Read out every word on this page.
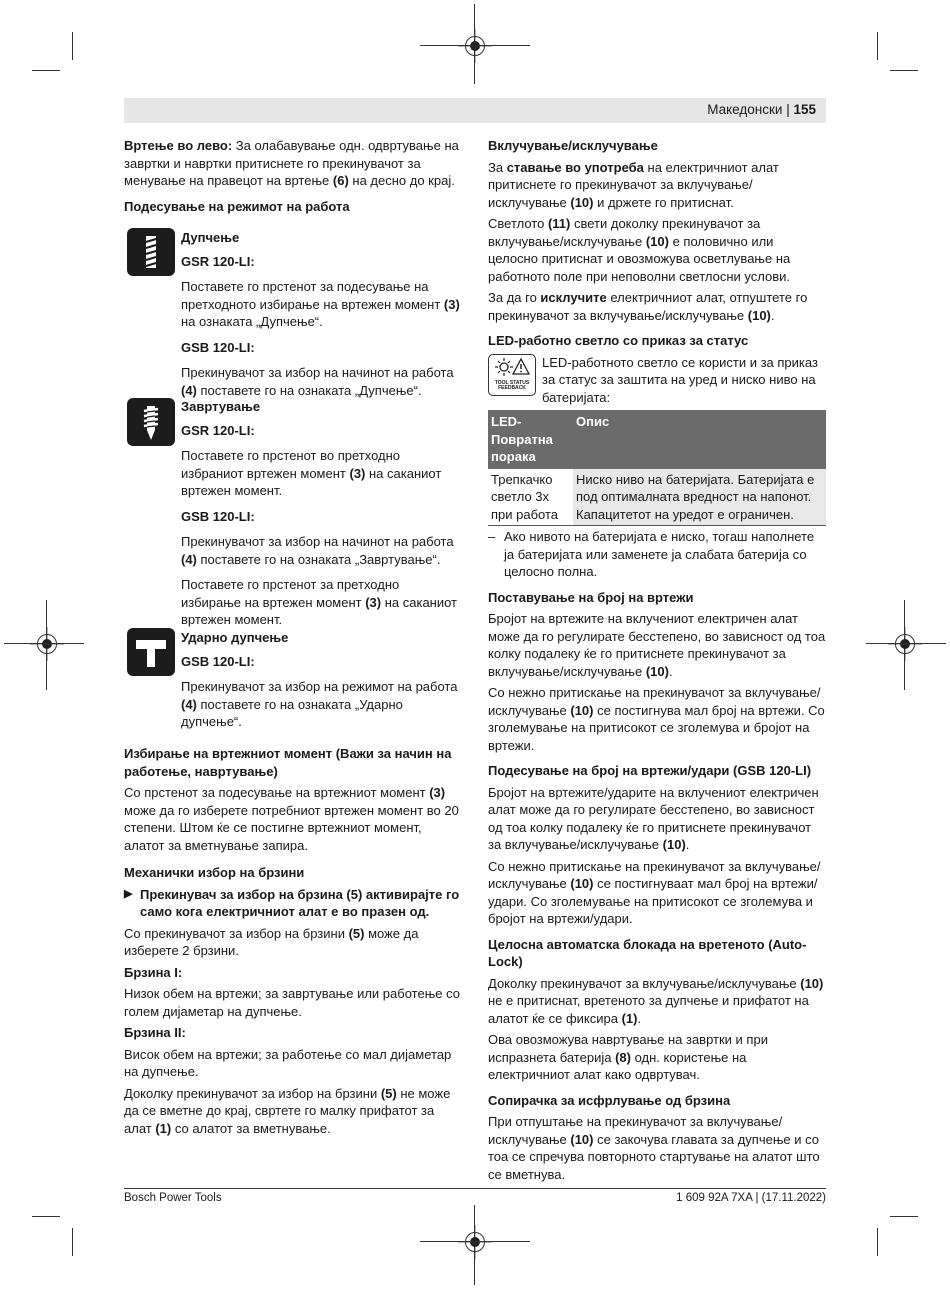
Македонски | 155

Вртење во лево: За олабавување одн. одвртување на завртки и навртки притиснете го прекинувачот за менување на правецот на вртење (6) на десно до крај.

Подесување на режимот на работа

Дупчење

GSR 120-LI:

Поставете го прстенот за подесување на претходното избирање на вртежен момент (3) на ознаката „Дупчење“.

GSB 120-LI:

Прекинувачот за избор на начинот на работа (4) поставете го на ознаката „Дупчење“.

Завртување

GSR 120-LI:

Поставете го прстенот во претходно избраниот вртежен момент (3) на саканиот вртежен момент.

GSB 120-LI:

Прекинувачот за избор на начинот на работа (4) поставете го на ознаката „Завртување“.

Поставете го прстенот за претходно избирање на вртежен момент (3) на саканиот вртежен момент.

Ударно дупчење

GSB 120-LI:

Прекинувачот за избор на режимот на работа (4) поставете го на ознаката „Ударно дупчење“.

Избирање на вртежниот момент (Важи за начин на работење, навртување)

Со прстенот за подесување на вртежниот момент (3) може да го изберете потребниот вртежен момент во 20 степени. Штом ќе се постигне вртежниот момент, алатот за вметнување запира.

Механички избор на брзини
▶ Прекинувач за избор на брзина (5) активирајте го само кога електричниот алат е во празен од.

Со прекинувачот за избор на брзини (5) може да изберете 2 брзини.

Брзина I:

Низок обем на вртежи; за завртување или работење со голем дијаметар на дупчење.

Брзина II:

Висок обем на вртежи; за работење со мал дијаметар на дупчење.

Доколку прекинувачот за избор на брзини (5) не може да се вметне до крај, свртете го малку прифатот за алат (1) со алатот за вметнување.

Вклучување/исклучување

За ставање во употреба на електричниот алат притиснете го прекинувачот за вклучување/исклучување (10) и држете го притиснат.

Светлото (11) свети доколку прекинувачот за вклучување/исклучување (10) е половично или целосно притиснат и овозможува осветлување на работното поле при неповолни светлосни услови.

За да го исклучите електричниот алат, отпуштете го прекинувачот за вклучување/исклучување (10).

LED-работно светло со приказ за статус
TOOL STATUS FEEDBACK

LED-работното светло се користи и за приказ за статус за заштита на уред и ниско ниво на батеријата:

LED-Повратна порака	Опис
Трепкачко светло 3x при работа	Ниско ниво на батеријата. Батеријата е под оптималната вредност на напонот. Капацитетот на уредот е ограничен.
– Ако нивото на батеријата е ниско, тогаш наполнете ја батеријата или заменете ја слабата батерија со целосно полна.
Поставување на број на вртежи

Бројот на вртежите на вклучениот електричен алат може да го регулирате бесстепено, во зависност од тоа колку подалеку ќе го притиснете прекинувачот за вклучување/исклучување (10).

Со нежно притискање на прекинувачот за вклучување/исклучување (10) се постигнува мал број на вртежи. Со зголемувањe на притисокот се зголемува и бројот на вртежи.

Подесување на број на вртежи/удари (GSB 120-LI)

Бројот на вртежите/ударите на вклучениот електричен алат може да го регулирате бесстепено, во зависност од тоа колку подалеку ќе го притиснете прекинувачот за вклучување/исклучување (10).

Со нежно притискање на прекинувачот за вклучување/исклучување (10) се постигнуваат мал број на вртежи/удари. Со зголемувањe на притисокот се зголемува и бројот на вртежи/удари.

Целосна автоматска блокада на вретеното (Auto-Lock)

Доколку прекинувачот за вклучување/исклучување (10) не е притиснат, вретеното за дупчење и прифатот на алатот ќе се фиксира (1).

Ова овозможува навртување на завртки и при испразнета батерија (8) одн. користење на електричниот алат како одвртувач.

Сопирачка за исфрлување од брзина

При отпуштање на прекинувачот за вклучување/исклучување (10) се закочува главата за дупчење и со тоа се спречува повторното стартување на алатот што се вметнува.

Bosch Power Tools	1 609 92A 7XA | (17.11.2022)
